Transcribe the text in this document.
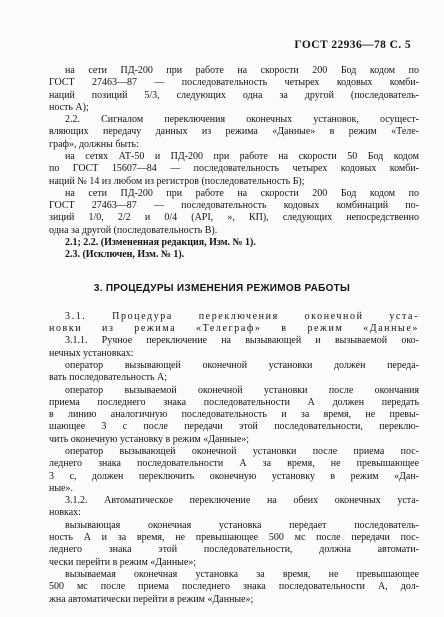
ГОСТ 22936—78 С. 5
на сети ПД-200 при работе на скорости 200 Бод кодом по
ГОСТ 27463—87 — последовательность четырех кодовых комби-
наций позиций 5/3, следующих одна за другой (последователь-
ность А);
2.2. Сигналом переключения оконечных установок, осущест-
вляющих передачу данных из режима «Данные» в режим «Теле-
граф», должны быть:
на сетях АТ-50 и ПД-200 при работе на скорости 50 Бод кодом
по ГОСТ 15607—84 — последовательность четырех кодовых комби-
наций № 14 из любом из регистров (последовательность Б);
на сети ПД-200 при работе на скорости 200 Бод кодом по
ГОСТ 27463—87 — последовательность кодовых комбинаций по-
зиций 1/0, 2/2 и 0/4 (АРI, », КП), следующих непосредственно
одна за другой (последовательность В).
2.1; 2.2. (Измененная редакция, Изм. № 1).
2.3. (Исключен, Изм. № 1).
3. ПРОЦЕДУРЫ ИЗМЕНЕНИЯ РЕЖИМОВ РАБОТЫ
3.1. Процедура переключения оконечной уста-
новки из режима «Телеграф» в режим «Данные»
3.1.1. Ручное переключение на вызывающей и вызываемой око-
нечных установках:
оператор вызывающей оконечной установки должен переда-
вать последовательность А;
оператор вызываемой оконечной установки после окончания
приема последнего знака последовательности А должен передать
в линию аналогичную последовательность и за время, не превы-
шающее 3 с после передачи этой последовательности, переклю-
чить оконечную установку в режим «Данные»;
оператор вызывающей оконечной установки после приема пос-
леднего знака последовательности А за время, не превышающее
3 с, должен переключить оконечную установку в режим «Дан-
ные».
3.1.2. Автоматическое переключение на обеих оконечных уста-
новках:
вызывающая оконечная установка передает последователь-
ность А и за время, не превышающее 500 мс после передачи пос-
леднего знака этой последовательности, должна автомати-
чески перейти в режим «Данные»;
вызываемая оконечная установка за время, не превышающее
500 мс после приема последнего знака последовательности А, дол-
жна автоматически перейти в режим «Данные»;
